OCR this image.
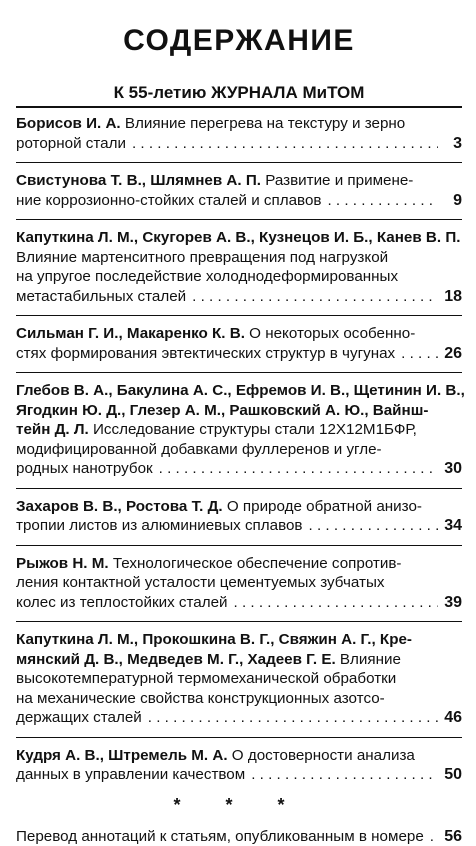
СОДЕРЖАНИЕ
К 55-летию ЖУРНАЛА МиТОМ
Борисов И. А.
Влияние перегрева на текстуру и зерно
роторной стали . . .	3
Свистунова Т. В., Шлямнев А. П.
Развитие и примене-
ние коррозионно-стойких сталей и сплавов . . .	9
Капуткина Л. М., Скугорев А. В., Кузнецов И. Б., Канев В. П.
Влияние мартенситного превращения под нагрузкой
на упругое последействие холоднодеформированных
метастабильных сталей . . .	18
Сильман Г. И., Макаренко К. В.
О некоторых особенно-
стях формирования эвтектических структур в чугунах . . .	26
Глебов В. А., Бакулина А. С., Ефремов И. В., Щетинин И. В.,
Ягодкин Ю. Д., Глезер А. М., Рашковский А. Ю., Вайнш-
тейн Д. Л.
Исследование структуры стали 12Х12М1БФР,
модифицированной добавками фуллеренов и угле-
родных нанотрубок . . .	30
Захаров В. В., Ростова Т. Д.
О природе обратной анизо-
тропии листов из алюминиевых сплавов . . .	34
Рыжов Н. М.
Технологическое обеспечение сопротив-
ления контактной усталости цементуемых зубчатых
колес из теплостойких сталей . . .	39
Капуткина Л. М., Прокошкина В. Г., Свяжин А. Г., Кре-
мянский Д. В., Медведев М. Г., Хадеев Г. Е.
Влияние
высокотемпературной термомеханической обработки
на механические свойства конструкционных азотсо-
держащих сталей . . .	46
Кудря А. В., Штремель М. А.
О достоверности анализа
данных в управлении качеством . . .	50
* * *
Перевод аннотаций к статьям, опубликованным в номере . . . 56
